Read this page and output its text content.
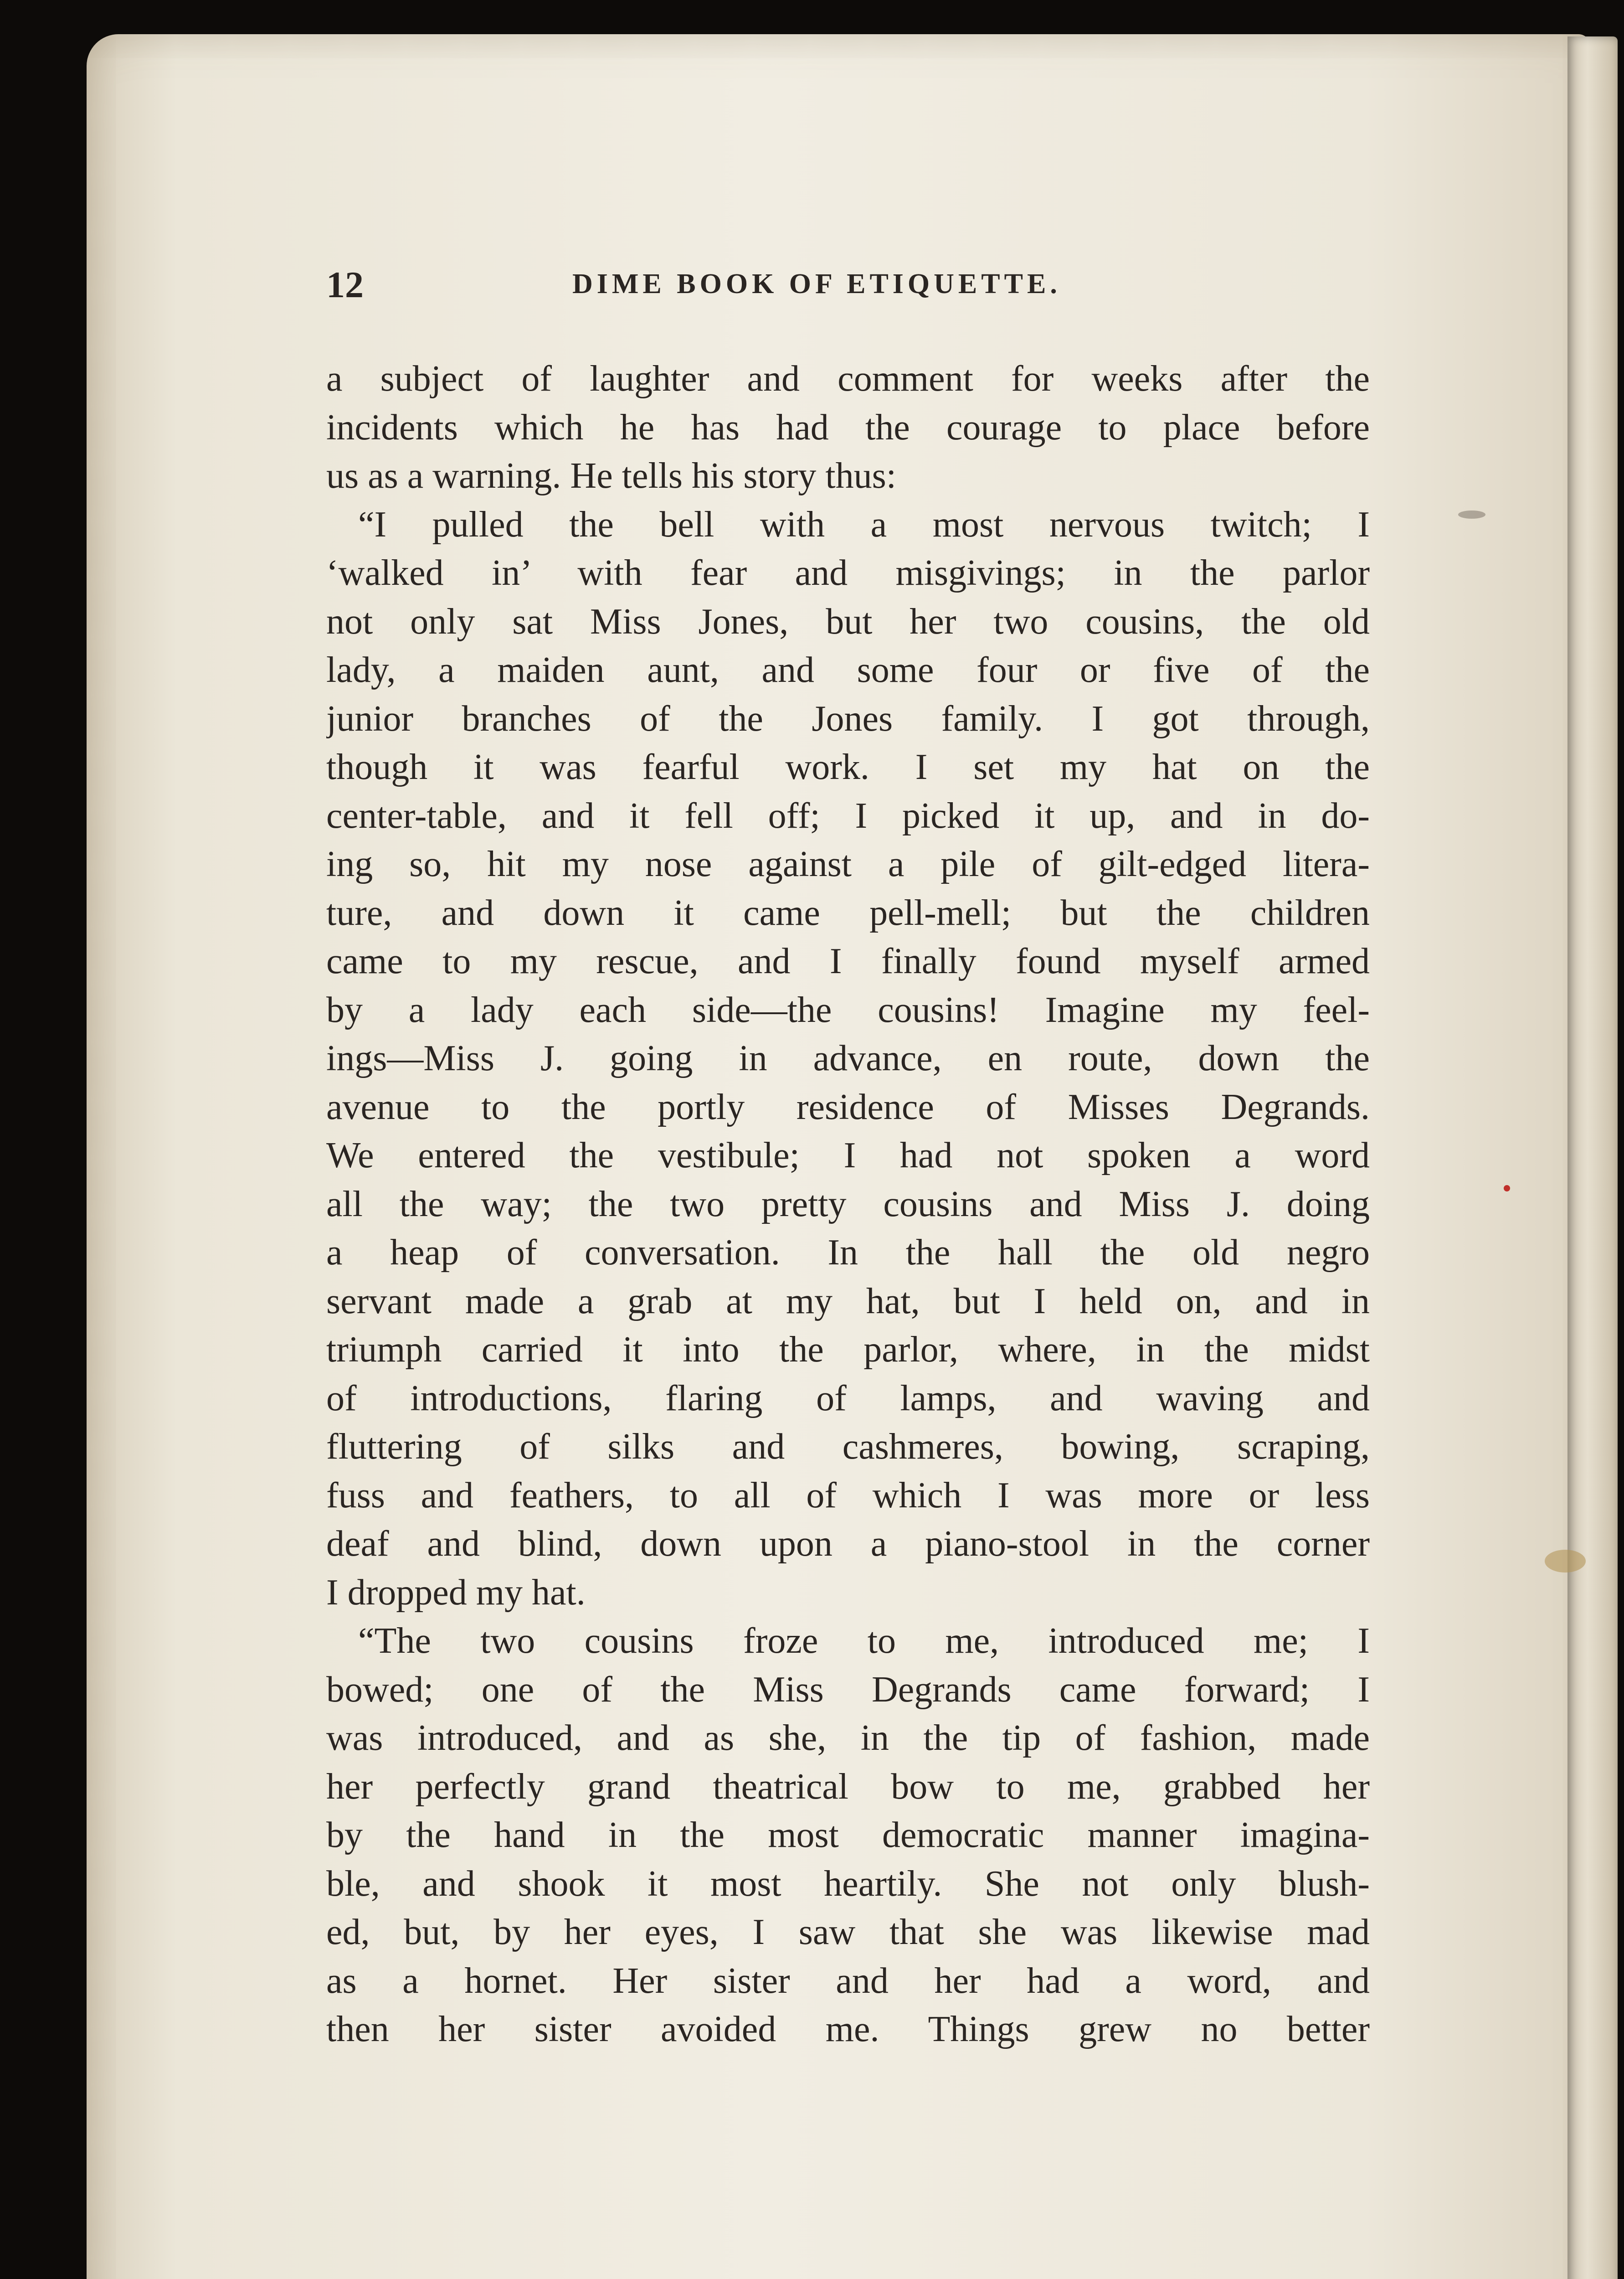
12	DIME BOOK OF ETIQUETTE.
a subject of laughter and comment for weeks after the
incidents which he has had the courage to place before
us as a warning. He tells his story thus:
“I pulled the bell with a most nervous twitch; I
‘walked in’ with fear and misgivings; in the parlor
not only sat Miss Jones, but her two cousins, the old
lady, a maiden aunt, and some four or five of the
junior branches of the Jones family. I got through,
though it was fearful work. I set my hat on the
center-table, and it fell off; I picked it up, and in do-
ing so, hit my nose against a pile of gilt-edged litera-
ture, and down it came pell-mell; but the children
came to my rescue, and I finally found myself armed
by a lady each side—the cousins! Imagine my feel-
ings—Miss J. going in advance, en route, down the
avenue to the portly residence of Misses Degrands.
We entered the vestibule; I had not spoken a word
all the way; the two pretty cousins and Miss J. doing
a heap of conversation. In the hall the old negro
servant made a grab at my hat, but I held on, and in
triumph carried it into the parlor, where, in the midst
of introductions, flaring of lamps, and waving and
fluttering of silks and cashmeres, bowing, scraping,
fuss and feathers, to all of which I was more or less
deaf and blind, down upon a piano-stool in the corner
I dropped my hat.
“The two cousins froze to me, introduced me; I
bowed; one of the Miss Degrands came forward; I
was introduced, and as she, in the tip of fashion, made
her perfectly grand theatrical bow to me, grabbed her
by the hand in the most democratic manner imagina-
ble, and shook it most heartily. She not only blush-
ed, but, by her eyes, I saw that she was likewise mad
as a hornet. Her sister and her had a word, and
then her sister avoided me. Things grew no better
